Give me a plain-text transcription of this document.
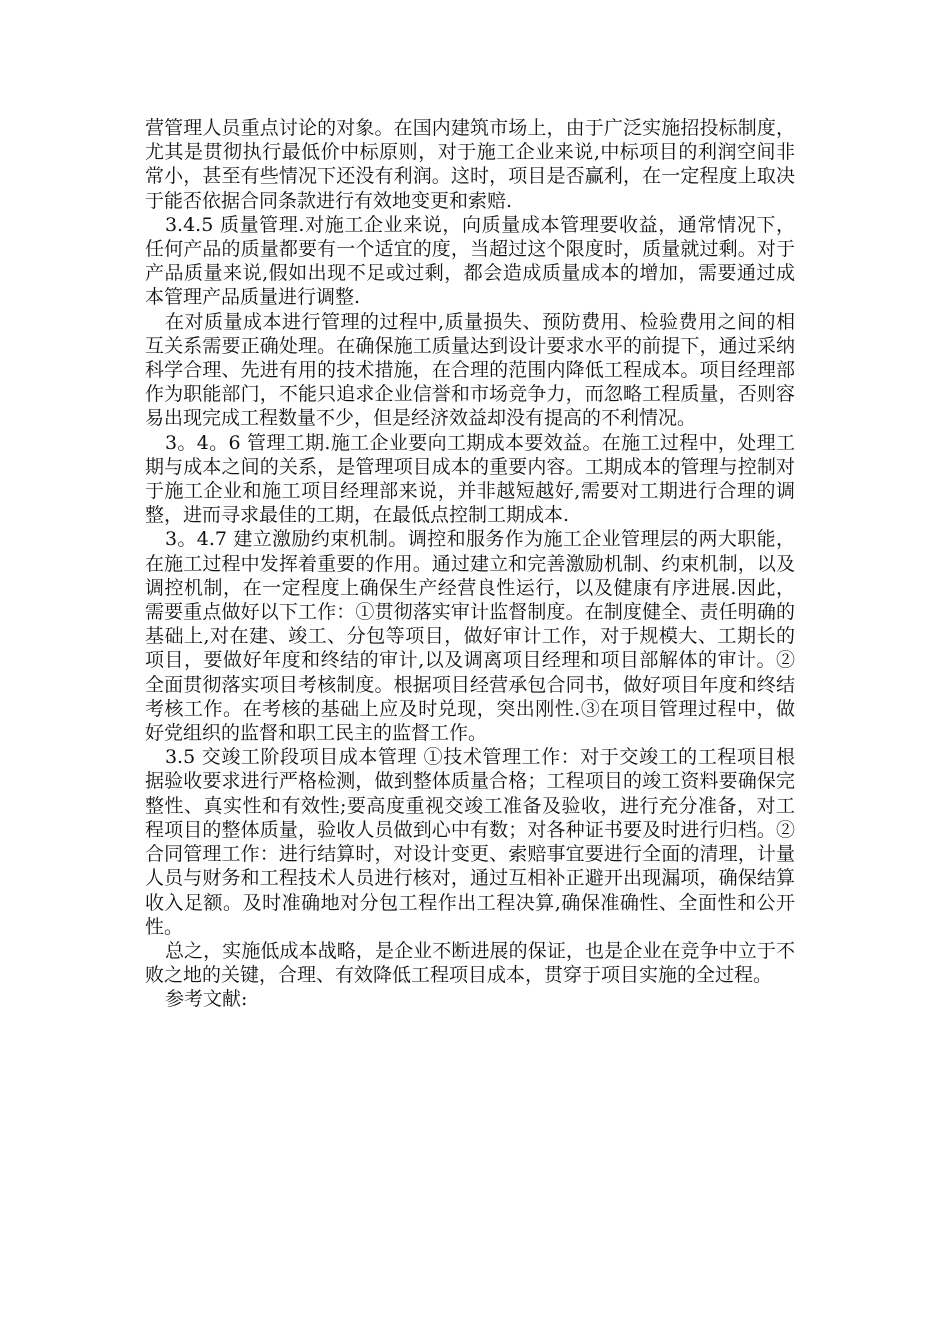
营管理人员重点讨论的对象。在国内建筑市场上，由于广泛实施招投标制度，尤其是贯彻执行最低价中标原则，对于施工企业来说,中标项目的利润空间非常小，甚至有些情况下还没有利润。这时，项目是否赢利，在一定程度上取决于能否依据合同条款进行有效地变更和索赔.

3.4.5 质量管理.对施工企业来说，向质量成本管理要收益，通常情况下，任何产品的质量都要有一个适宜的度，当超过这个限度时，质量就过剩。对于产品质量来说,假如出现不足或过剩，都会造成质量成本的增加，需要通过成本管理产品质量进行调整.

在对质量成本进行管理的过程中,质量损失、预防费用、检验费用之间的相互关系需要正确处理。在确保施工质量达到设计要求水平的前提下，通过采纳科学合理、先进有用的技术措施，在合理的范围内降低工程成本。项目经理部作为职能部门，不能只追求企业信誉和市场竞争力，而忽略工程质量，否则容易出现完成工程数量不少，但是经济效益却没有提高的不利情况。

3。4。6 管理工期.施工企业要向工期成本要效益。在施工过程中，处理工期与成本之间的关系，是管理项目成本的重要内容。工期成本的管理与控制对于施工企业和施工项目经理部来说，并非越短越好,需要对工期进行合理的调整，进而寻求最佳的工期，在最低点控制工期成本.

3。4.7 建立激励约束机制。调控和服务作为施工企业管理层的两大职能，在施工过程中发挥着重要的作用。通过建立和完善激励机制、约束机制，以及调控机制，在一定程度上确保生产经营良性运行，以及健康有序进展.因此，需要重点做好以下工作：①贯彻落实审计监督制度。在制度健全、责任明确的基础上,对在建、竣工、分包等项目，做好审计工作，对于规模大、工期长的项目，要做好年度和终结的审计,以及调离项目经理和项目部解体的审计。②全面贯彻落实项目考核制度。根据项目经营承包合同书，做好项目年度和终结考核工作。在考核的基础上应及时兑现，突出刚性.③在项目管理过程中，做好党组织的监督和职工民主的监督工作。

3.5 交竣工阶段项目成本管理 ①技术管理工作：对于交竣工的工程项目根据验收要求进行严格检测，做到整体质量合格；工程项目的竣工资料要确保完整性、真实性和有效性;要高度重视交竣工准备及验收，进行充分准备，对工程项目的整体质量，验收人员做到心中有数；对各种证书要及时进行归档。②合同管理工作：进行结算时，对设计变更、索赔事宜要进行全面的清理，计量人员与财务和工程技术人员进行核对，通过互相补正避开出现漏项，确保结算收入足额。及时准确地对分包工程作出工程决算,确保准确性、全面性和公开性。

总之，实施低成本战略，是企业不断进展的保证，也是企业在竞争中立于不败之地的关键，合理、有效降低工程项目成本，贯穿于项目实施的全过程。

参考文献:
